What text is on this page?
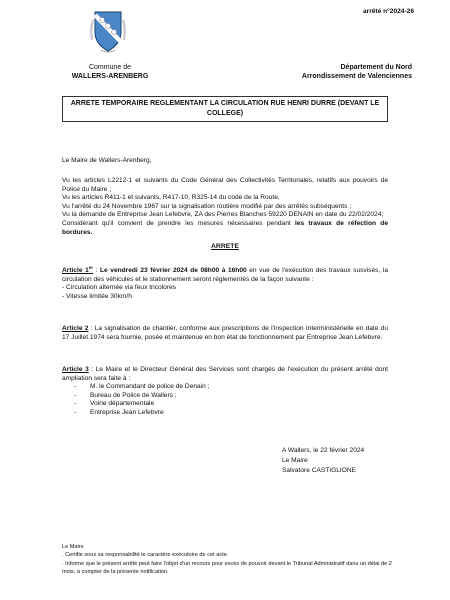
arrêté n°2024-26
Commune de
WALLERS-ARENBERG
Département du Nord
Arrondissement de Valenciennes
ARRETE TEMPORAIRE REGLEMENTANT LA CIRCULATION RUE HENRI DURRE (DEVANT LE COLLEGE)
Le Maire de Wallers-Arenberg,
Vu les articles L2212-1 et suivants du Code Général des Collectivités Territoriales, relatifs aux pouvoirs de Police du Maire ;
Vu les articles R411-1 et suivants, R417-10, R325-14 du code de la Route,
Vu l'arrêté du 24 Novembre 1967 sur la signalisation routière modifié par des arrêtés subséquents ;
Vu la demande de Entreprise Jean Lefebvre, ZA des Pierres Blanches 59220 DENAIN en date du 22/02/2024;
Considérant qu'il convient de prendre les mesures nécessaires pendant les travaux de réfection de bordures.
ARRETE
Article 1er : Le vendredi 23 février 2024 de 08h00 à 16h00 en vue de l'exécution des travaux susvisés, la circulation des véhicules et le stationnement seront réglementés de la façon suivante :
- Circulation alternée via feux tricolores
- Vitesse limitée 30km/h
Article 2 : La signalisation de chantier, conforme aux prescriptions de l'inspection Interministérielle en date du 17 Juillet 1974 sera fournie, posée et maintenue en bon état de fonctionnement par Entreprise Jean Lefebvre.
Article 3 : Le Maire et le Directeur Général des Services sont chargés de l'exécution du présent arrêté dont ampliation sera faite à :
- M. le Commandant de police de Denain ;
- Bureau de Police de Wallers ;
- Voirie départementale
- Entreprise Jean Lefebvre
A Wallers, le 22 février 2024
Le Maire
Salvatore CASTIGLIONE
Le Maire
. Certifie sous sa responsabilité le caractère exécutoire de cet acte.
. Informe que le présent arrêté peut faire l'objet d'un recours pour excès de pouvoir devant le Tribunal Administratif dans un délai de 2 mois, à compter de la présente notification.
